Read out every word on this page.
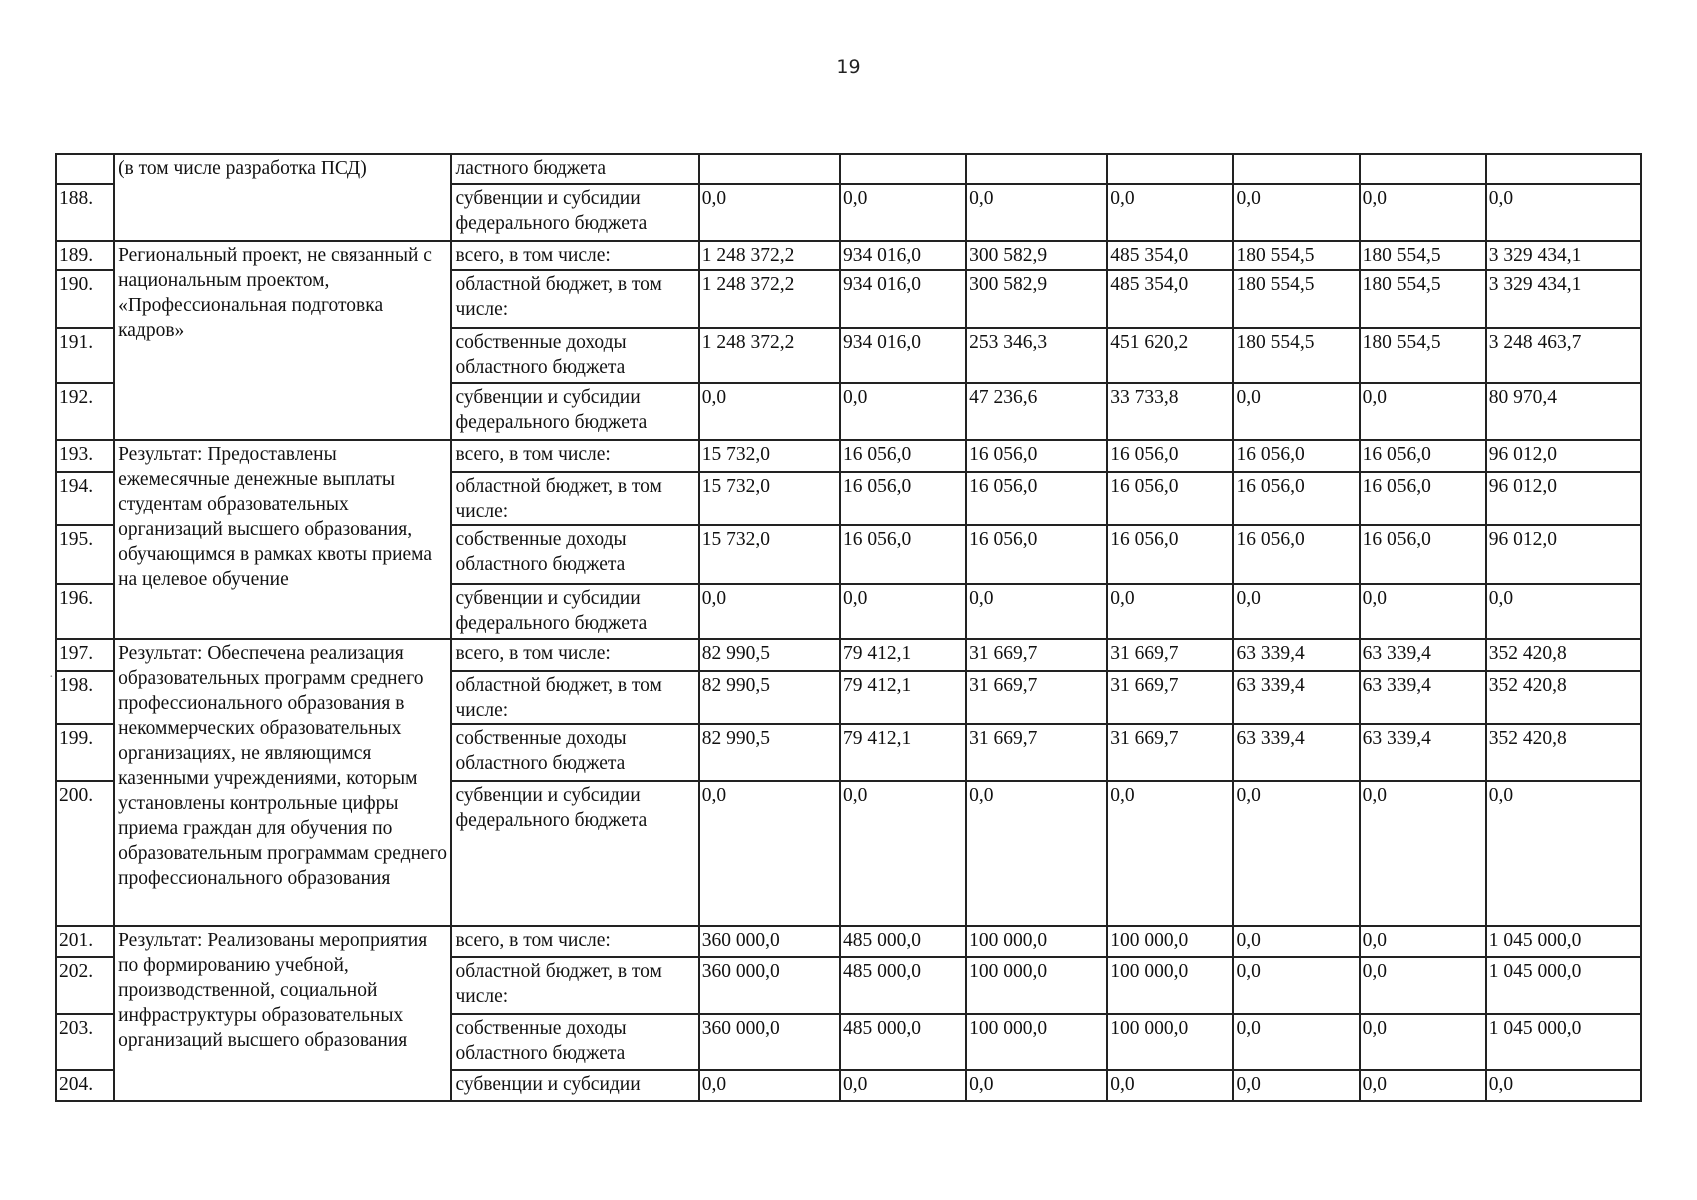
19
	(в том числе разработка ПСД)	ластного бюджета							
188.		субвенции и субсидии федерального бюджета	0,0	0,0	0,0	0,0	0,0	0,0	0,0
189.	Региональный проект, не связанный с национальным проектом, «Профессиональная подготовка кадров»	всего, в том числе:	1 248 372,2	934 016,0	300 582,9	485 354,0	180 554,5	180 554,5	3 329 434,1
190.		областной бюджет, в том числе:	1 248 372,2	934 016,0	300 582,9	485 354,0	180 554,5	180 554,5	3 329 434,1
191.		собственные доходы областного бюджета	1 248 372,2	934 016,0	253 346,3	451 620,2	180 554,5	180 554,5	3 248 463,7
192.		субвенции и субсидии федерального бюджета	0,0	0,0	47 236,6	33 733,8	0,0	0,0	80 970,4
193.	Результат: Предоставлены ежемесячные денежные выплаты студентам образовательных организаций высшего образования, обучающимся в рамках квоты приема на целевое обучение	всего, в том числе:	15 732,0	16 056,0	16 056,0	16 056,0	16 056,0	16 056,0	96 012,0
194.		областной бюджет, в том числе:	15 732,0	16 056,0	16 056,0	16 056,0	16 056,0	16 056,0	96 012,0
195.		собственные доходы областного бюджета	15 732,0	16 056,0	16 056,0	16 056,0	16 056,0	16 056,0	96 012,0
196.		субвенции и субсидии федерального бюджета	0,0	0,0	0,0	0,0	0,0	0,0	0,0
197.	Результат: Обеспечена реализация образовательных программ среднего профессионального образования в некоммерческих образовательных организациях, не являющимся казенными учреждениями, которым установлены контрольные цифры приема граждан для обучения по образовательным программам среднего профессионального образования	всего, в том числе:	82 990,5	79 412,1	31 669,7	31 669,7	63 339,4	63 339,4	352 420,8
198.		областной бюджет, в том числе:	82 990,5	79 412,1	31 669,7	31 669,7	63 339,4	63 339,4	352 420,8
199.		собственные доходы областного бюджета	82 990,5	79 412,1	31 669,7	31 669,7	63 339,4	63 339,4	352 420,8
200.		субвенции и субсидии федерального бюджета	0,0	0,0	0,0	0,0	0,0	0,0	0,0
201.	Результат: Реализованы мероприятия по формированию учебной, производственной, социальной инфраструктуры образовательных организаций высшего образования	всего, в том числе:	360 000,0	485 000,0	100 000,0	100 000,0	0,0	0,0	1 045 000,0
202.		областной бюджет, в том числе:	360 000,0	485 000,0	100 000,0	100 000,0	0,0	0,0	1 045 000,0
203.		собственные доходы областного бюджета	360 000,0	485 000,0	100 000,0	100 000,0	0,0	0,0	1 045 000,0
204.		субвенции и субсидии	0,0	0,0	0,0	0,0	0,0	0,0	0,0
·
